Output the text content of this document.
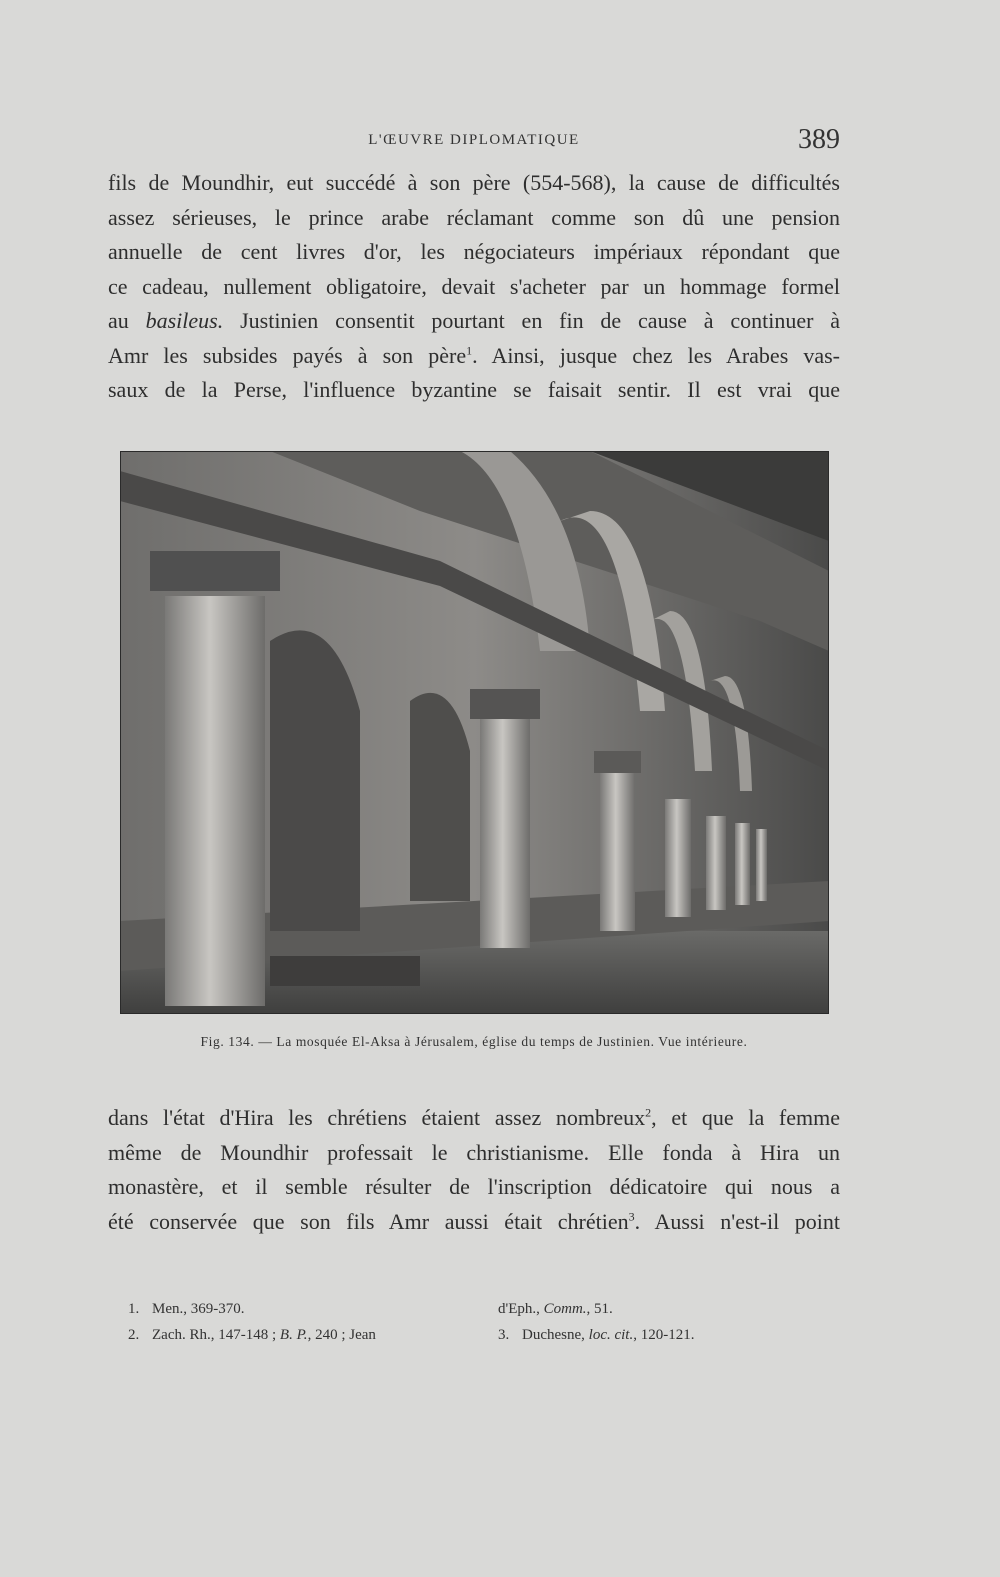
L'ŒUVRE DIPLOMATIQUE	389
fils de Moundhir, eut succédé à son père (554-568), la cause de difficultés
assez sérieuses, le prince arabe réclamant comme son dû une pension
annuelle de cent livres d'or, les négociateurs impériaux répondant que
ce cadeau, nullement obligatoire, devait s'acheter par un hommage formel
au basileus. Justinien consentit pourtant en fin de cause à continuer à
Amr les subsides payés à son père$^1$. Ainsi, jusque chez les Arabes vas-
saux de la Perse, l'influence byzantine se faisait sentir. Il est vrai que
Fig. 134. — La mosquée El-Aksa à Jérusalem, église du temps de Justinien. Vue intérieure.
dans l'état d'Hira les chrétiens étaient assez nombreux$^2$, et que la femme
même de Moundhir professait le christianisme. Elle fonda à Hira un
monastère, et il semble résulter de l'inscription dédicatoire qui nous a
été conservée que son fils Amr aussi était chrétien$^3$. Aussi n'est-il point
1. Men., 369-370.
2. Zach. Rh., 147-148 ; B. P., 240 ; Jean
d'Eph., Comm., 51.
3. Duchesne, loc. cit., 120-121.
